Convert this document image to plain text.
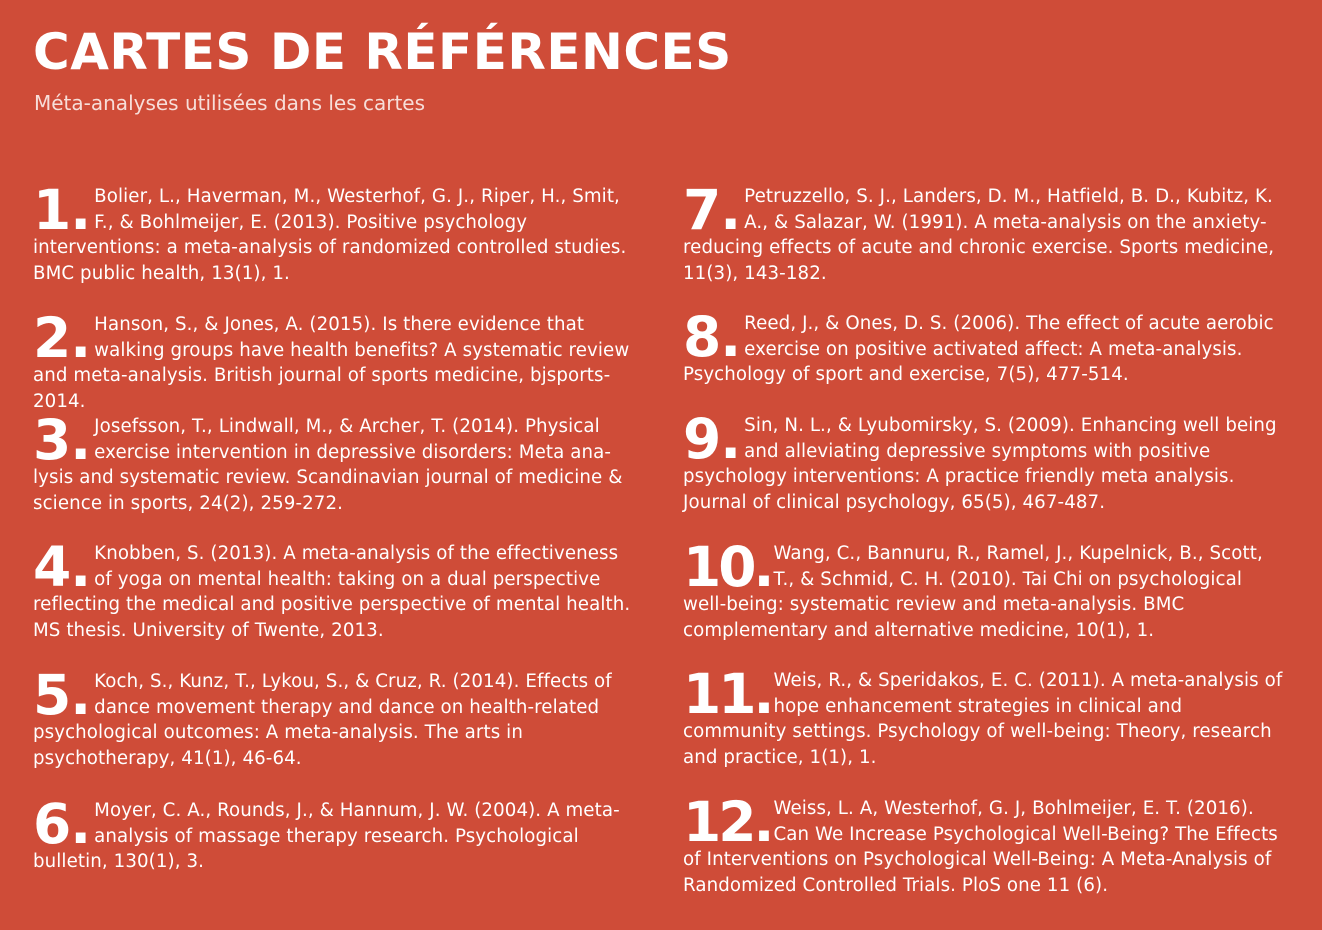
CARTES DE RÉFÉRENCES

Méta-analyses utilisées dans les cartes

1. Bolier, L., Haverman, M., Westerhof, G. J., Riper, H., Smit, F., & Bohlmeijer, E. (2013). Positive psychology interventions: a meta-analysis of randomized controlled studies. BMC public health, 13(1), 1.
2. Hanson, S., & Jones, A. (2015). Is there evidence that walking groups have health benefits? A systematic review and meta-analysis. British journal of sports medicine, bjsports-2014.
3. Josefsson, T., Lindwall, M., & Archer, T. (2014). Physical exercise intervention in depressive disorders: Meta ana-lysis and systematic review. Scandinavian journal of medicine & science in sports, 24(2), 259-272.
4. Knobben, S. (2013). A meta-analysis of the effectiveness of yoga on mental health: taking on a dual perspective reflecting the medical and positive perspective of mental health. MS thesis. University of Twente, 2013.
5. Koch, S., Kunz, T., Lykou, S., & Cruz, R. (2014). Effects of dance movement therapy and dance on health-related psychological outcomes: A meta-analysis. The arts in psychotherapy, 41(1), 46-64.
6. Moyer, C. A., Rounds, J., & Hannum, J. W. (2004). A meta-analysis of massage therapy research. Psychological bulletin, 130(1), 3.
7. Petruzzello, S. J., Landers, D. M., Hatfield, B. D., Kubitz, K. A., & Salazar, W. (1991). A meta-analysis on the anxiety-reducing effects of acute and chronic exercise. Sports medicine, 11(3), 143-182.
8. Reed, J., & Ones, D. S. (2006). The effect of acute aerobic exercise on positive activated affect: A meta-analysis. Psychology of sport and exercise, 7(5), 477-514.
9. Sin, N. L., & Lyubomirsky, S. (2009). Enhancing well being and alleviating depressive symptoms with positive psychology interventions: A practice friendly meta analysis. Journal of clinical psychology, 65(5), 467-487.
10. Wang, C., Bannuru, R., Ramel, J., Kupelnick, B., Scott, T., & Schmid, C. H. (2010). Tai Chi on psychological well-being: systematic review and meta-analysis. BMC complementary and alternative medicine, 10(1), 1.
11. Weis, R., & Speridakos, E. C. (2011). A meta-analysis of hope enhancement strategies in clinical and community settings. Psychology of well-being: Theory, research and practice, 1(1), 1.
12. Weiss, L. A, Westerhof, G. J, Bohlmeijer, E. T. (2016). Can We Increase Psychological Well-Being? The Effects of Interventions on Psychological Well-Being: A Meta-Analysis of Randomized Controlled Trials. PloS one 11 (6).
